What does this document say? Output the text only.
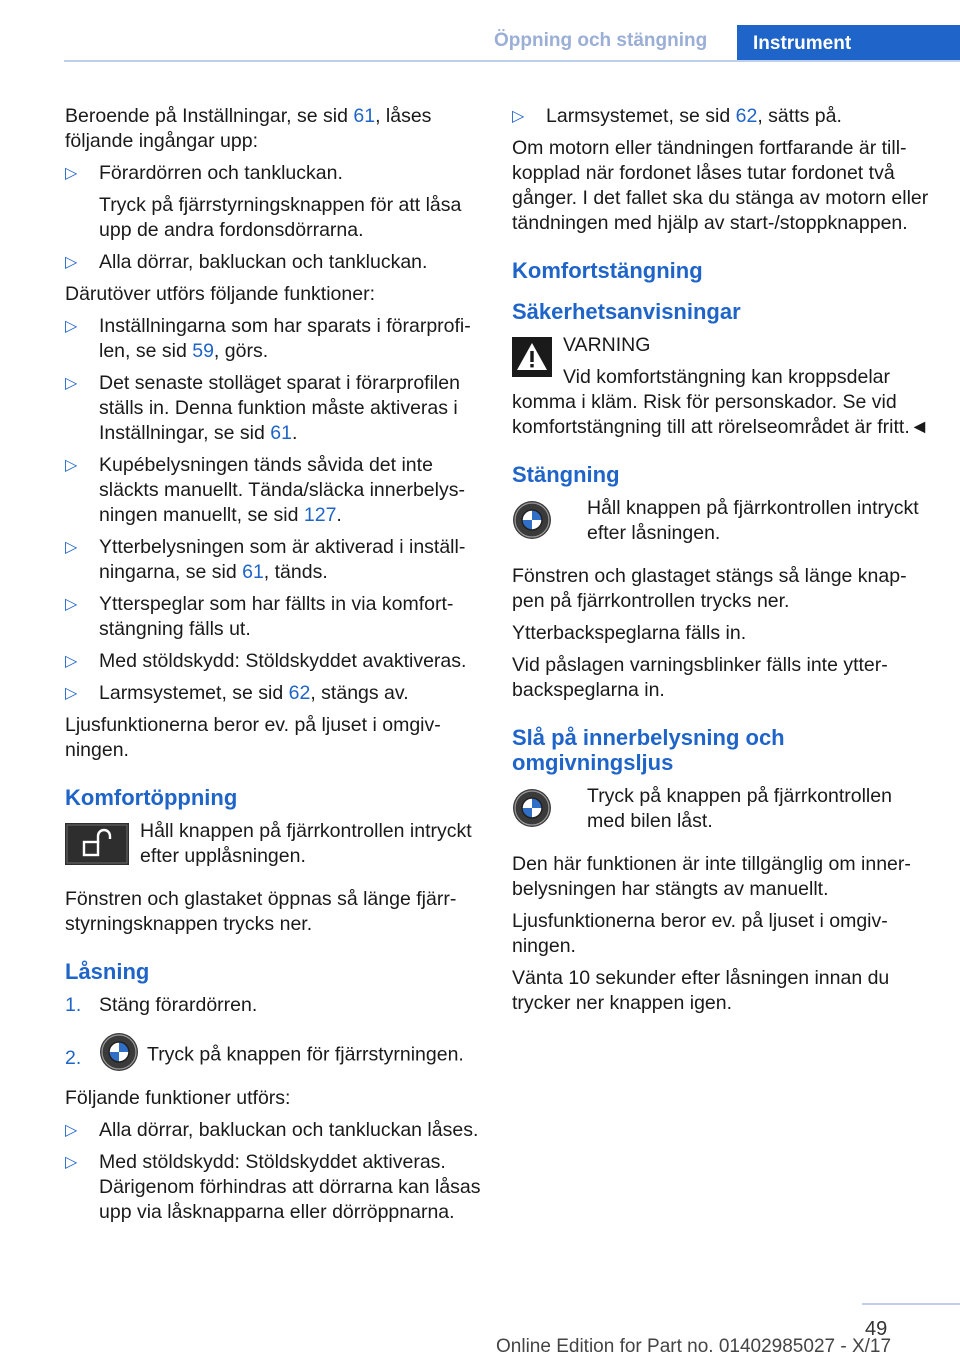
Öppning och stängning	Instrument

Beroende på Inställningar, se sid 61, låses följande ingångar upp:

▷ Förardörren och tankluckan.
Tryck på fjärrstyrningsknappen för att låsa upp de andra fordonsdörrarna.
▷ Alla dörrar, bakluckan och tankluckan.

Därutöver utförs följande funktioner:

▷ Inställningarna som har sparats i förarprofilen, se sid 59, görs.
▷ Det senaste stolläget sparat i förarprofilen ställs in. Denna funktion måste aktiveras i Inställningar, se sid 61.
▷ Kupébelysningen tänds såvida det inte släckts manuellt. Tända/släcka innerbelysningen manuellt, se sid 127.
▷ Ytterbelysningen som är aktiverad i inställningarna, se sid 61, tänds.
▷ Ytterspeglar som har fällts in via komfortstängning fälls ut.
▷ Med stöldskydd: Stöldskyddet avaktiveras.
▷ Larmsystemet, se sid 62, stängs av.

Ljusfunktionerna beror ev. på ljuset i omgivningen.

Komfortöppning
Håll knappen på fjärrkontrollen intryckt efter upplåsningen.

Fönstren och glastaket öppnas så länge fjärrstyrningsknappen trycks ner.

Låsning
1. Stäng förardörren.
2.	Tryck på knappen för fjärrstyrningen.

Följande funktioner utförs:

▷ Alla dörrar, bakluckan och tankluckan låses.
▷ Med stöldskydd: Stöldskyddet aktiveras. Därigenom förhindras att dörrarna kan låsas upp via låsknapparna eller dörröppnarna.
▷ Larmsystemet, se sid 62, sätts på.

Om motorn eller tändningen fortfarande är tillkopplad när fordonet låses tutar fordonet två gånger. I det fallet ska du stänga av motorn eller tändningen med hjälp av start-/stoppknappen.

Komfortstängning
Säkerhetsanvisningar
VARNING
Vid komfortstängning kan kroppsdelar
komma i kläm. Risk för personskador. Se vid komfortstängning till att rörelseområdet är fritt.◄
Stängning
Håll knappen på fjärrkontrollen intryckt efter låsningen.

Fönstren och glastaget stängs så länge knappen på fjärrkontrollen trycks ner.

Ytterbackspeglarna fälls in.

Vid påslagen varningsblinker fälls inte ytterbackspeglarna in.

Slå på innerbelysning och omgivningsljus
Tryck på knappen på fjärrkontrollen med bilen låst.

Den här funktionen är inte tillgänglig om innerbelysningen har stängts av manuellt.

Ljusfunktionerna beror ev. på ljuset i omgivningen.

Vänta 10 sekunder efter låsningen innan du trycker ner knappen igen.

49
Online Edition for Part no. 01402985027 - X/17
